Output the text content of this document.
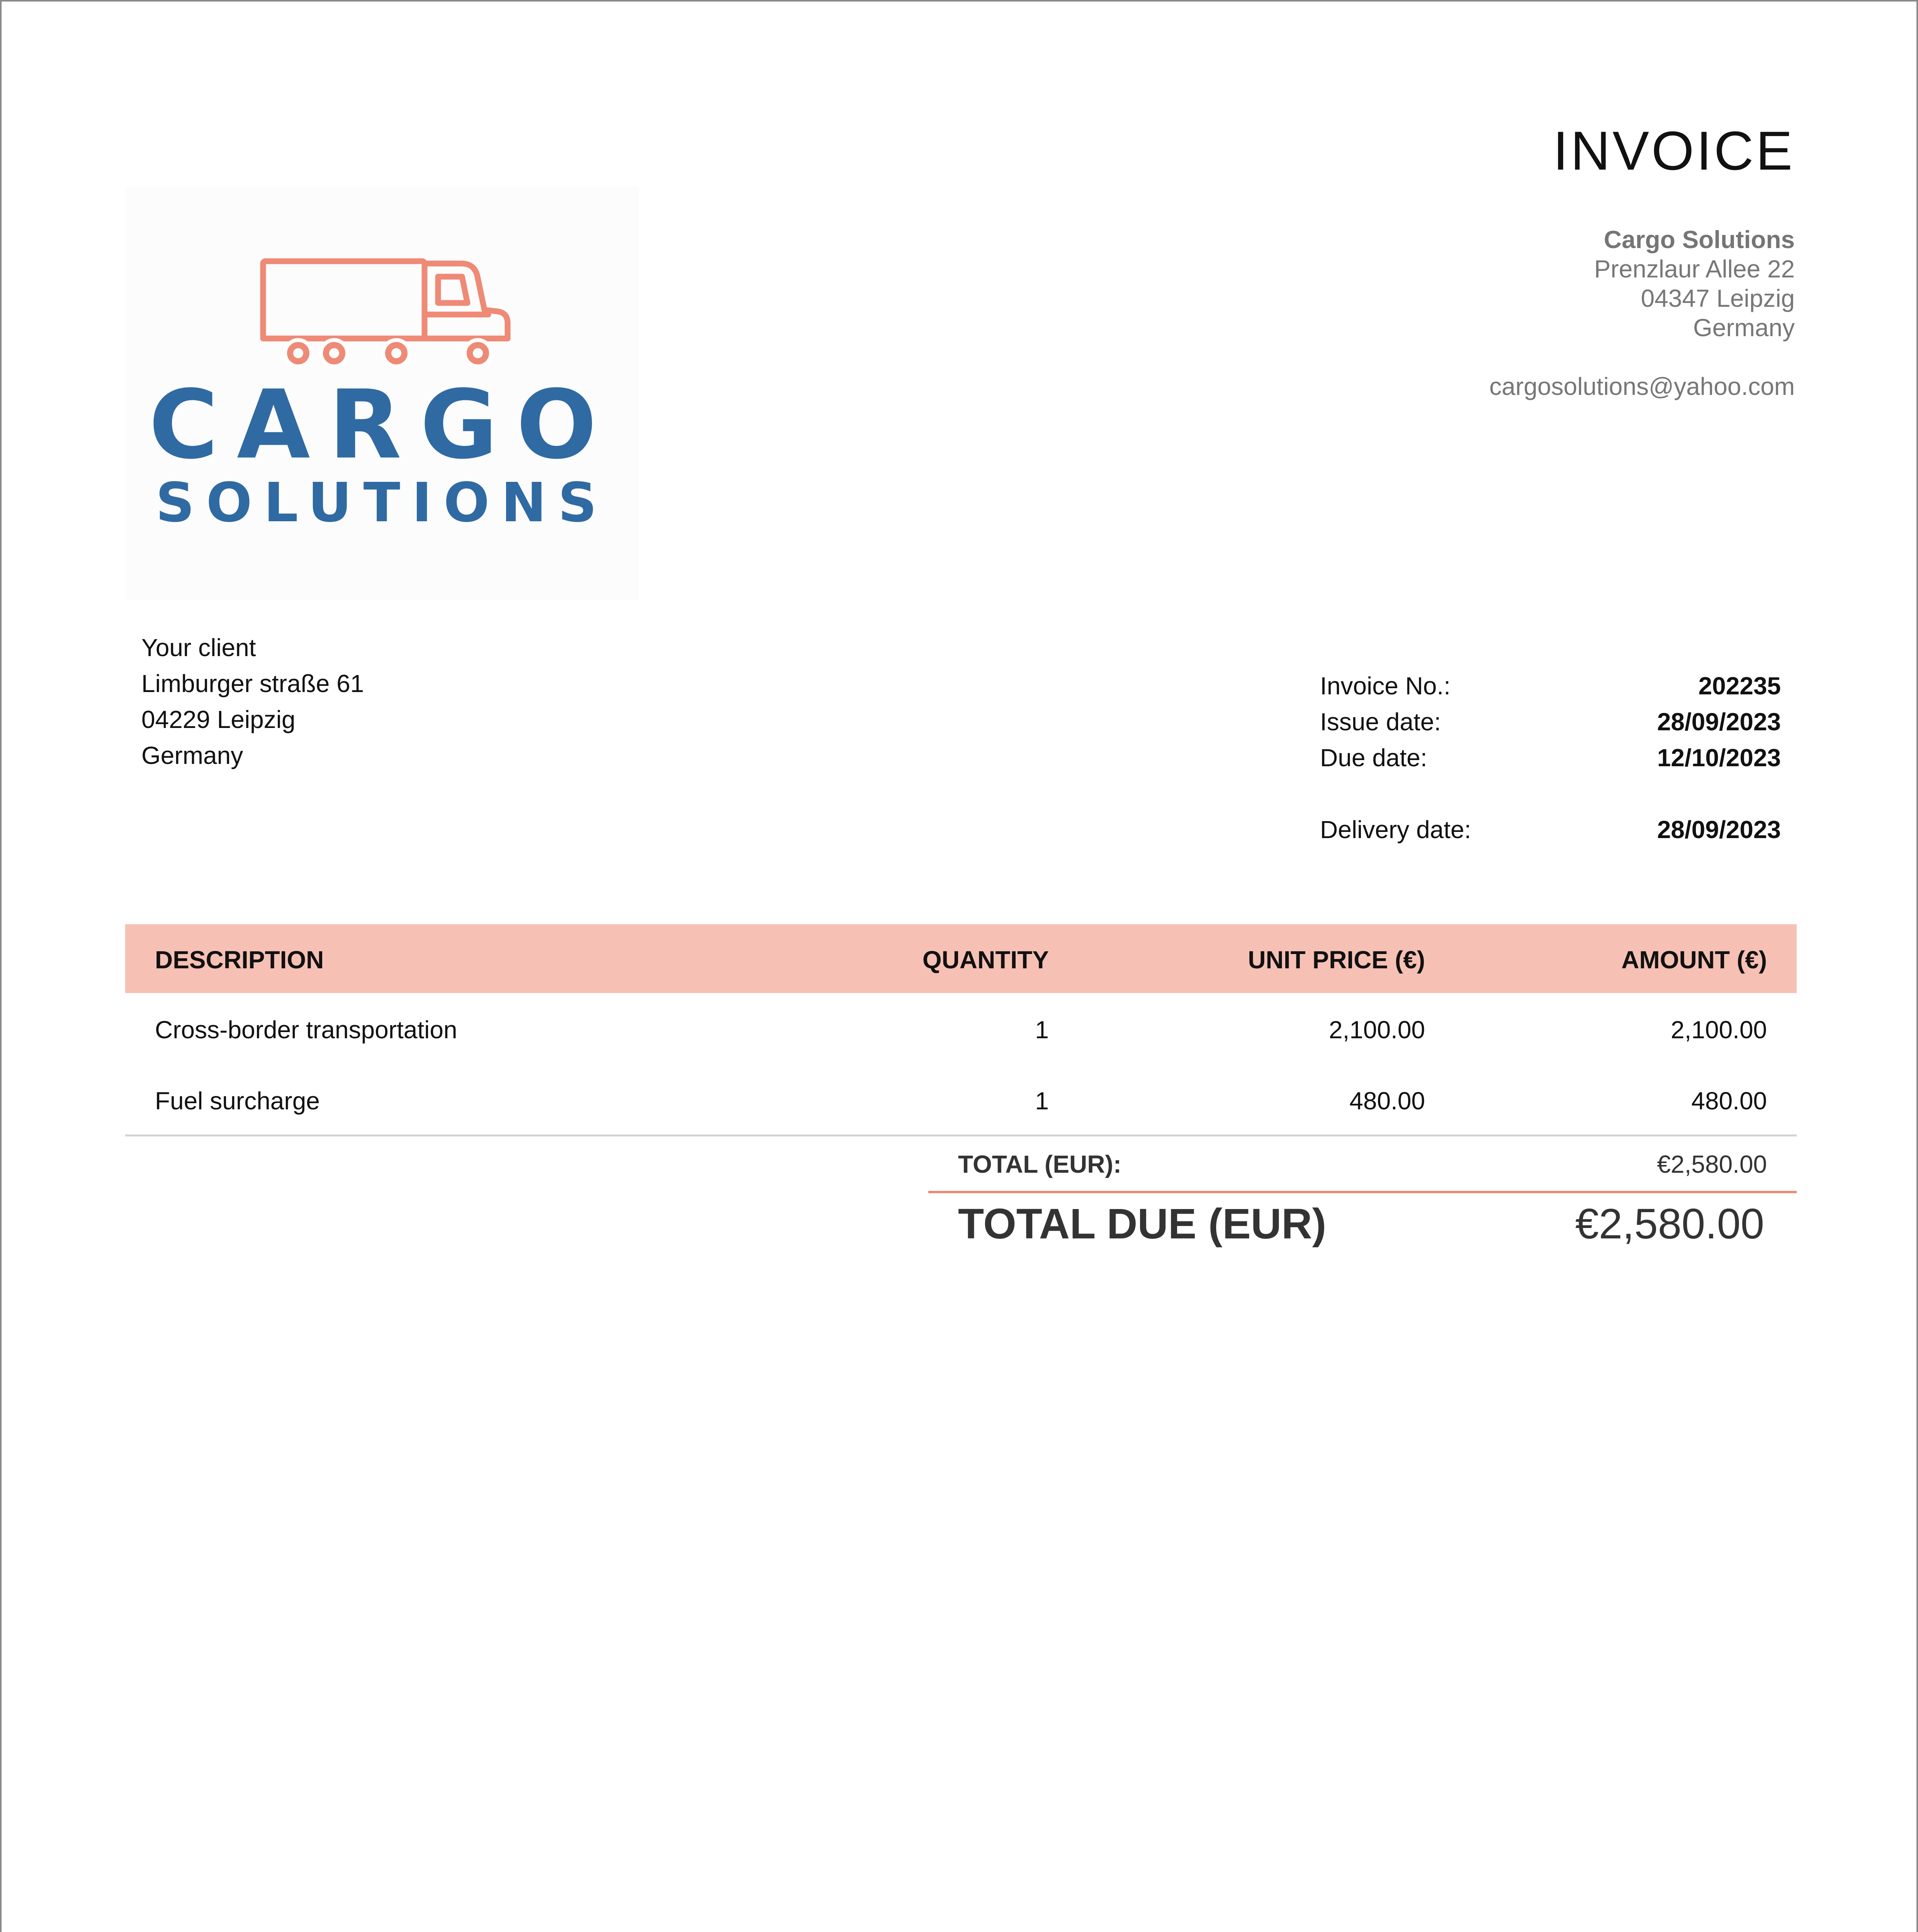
CARGO
SOLUTIONS
INVOICE
Cargo Solutions
Prenzlaur Allee 22
04347 Leipzig
Germany
cargosolutions@yahoo.com
Your client
Limburger straße 61
04229 Leipzig
Germany
Invoice No.:	202235
Issue date:	28/09/2023
Due date:	12/10/2023
Delivery date:	28/09/2023
DESCRIPTION	QUANTITY	UNIT PRICE (€)	AMOUNT (€)
Cross-border transportation	1	2,100.00	2,100.00
Fuel surcharge	1	480.00	480.00
TOTAL (EUR):	€2,580.00
TOTAL DUE (EUR)	€2,580.00
